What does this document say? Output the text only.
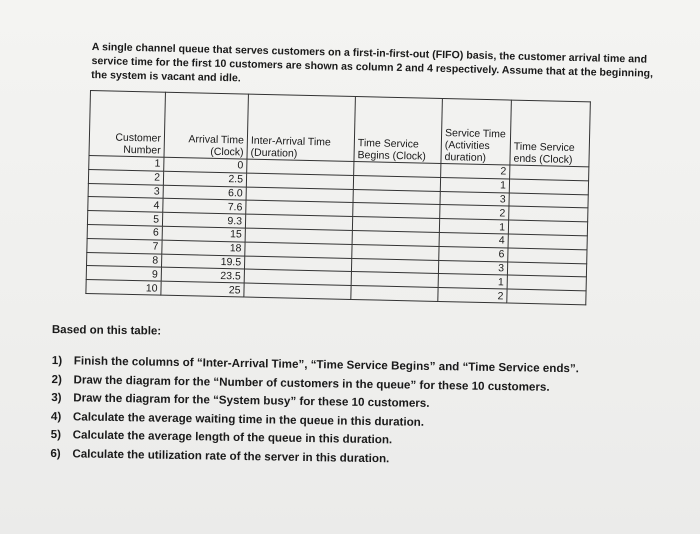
A single channel queue that serves customers on a first-in-first-out (FIFO) basis, the customer arrival time and service time for the first 10 customers are shown as column 2 and 4 respectively. Assume that at the beginning, the system is vacant and idle.
Customer Number	Arrival Time (Clock)	Inter-Arrival Time (Duration)	Time Service Begins (Clock)	Service Time (Activities duration)	Time Service ends (Clock)
1	0			2	
2	2.5			1	
3	6.0			3	
4	7.6			2	
5	9.3			1	
6	15			4	
7	18			6	
8	19.5			3	
9	23.5			1	
10	25			2	
Based on this table:
1) Finish the columns of “Inter-Arrival Time”, “Time Service Begins” and “Time Service ends”.
2) Draw the diagram for the “Number of customers in the queue” for these 10 customers.
3) Draw the diagram for the “System busy” for these 10 customers.
4) Calculate the average waiting time in the queue in this duration.
5) Calculate the average length of the queue in this duration.
6) Calculate the utilization rate of the server in this duration.
